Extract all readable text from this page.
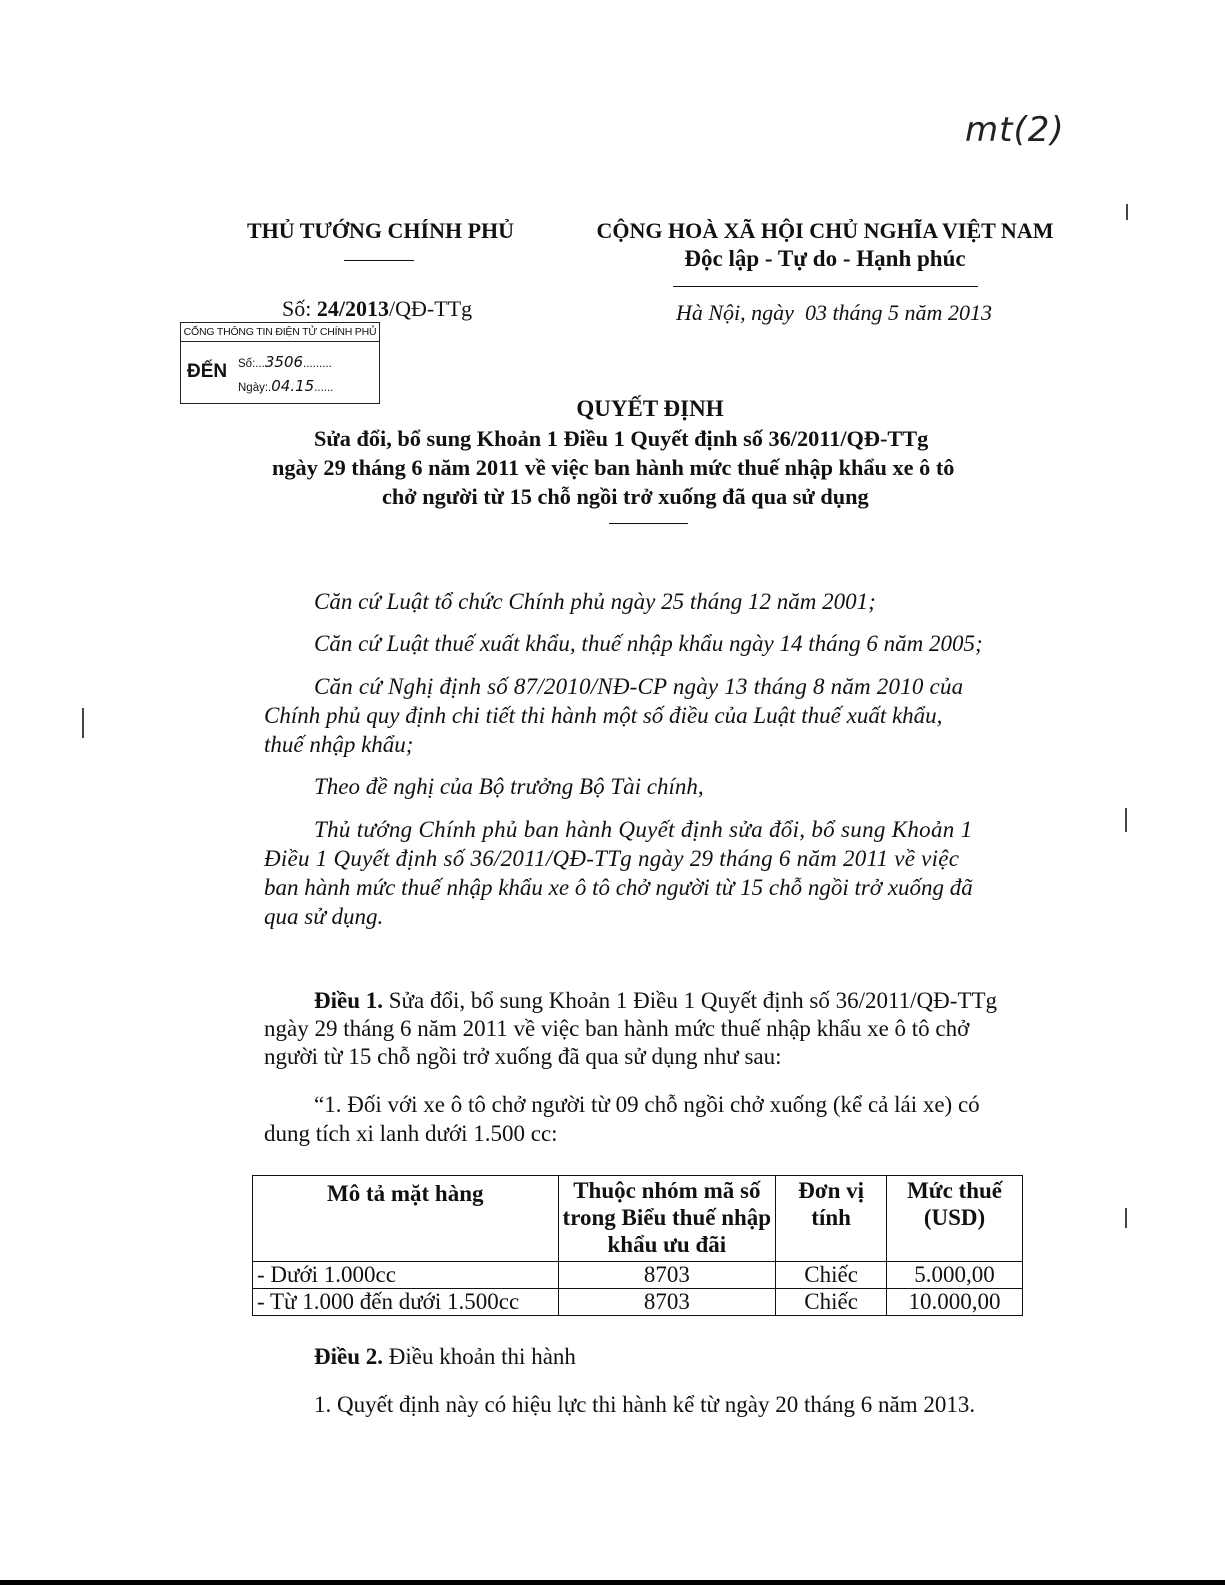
mt(2)
THỦ TƯỚNG CHÍNH PHỦ	CỘNG HOÀ XÃ HỘI CHỦ NGHĨA VIỆT NAM
Độc lập - Tự do - Hạnh phúc
Số: 24/2013/QĐ-TTg	Hà Nội, ngày  03 tháng 5 năm 2013
CỔNG THÔNG TIN ĐIỆN TỬ CHÍNH PHỦ
ĐẾN Số:...3506.........
Ngày:.04.15......
QUYẾT ĐỊNH
Sửa đổi, bổ sung Khoản 1 Điều 1 Quyết định số 36/2011/QĐ-TTg
ngày 29 tháng 6 năm 2011 về việc ban hành mức thuế nhập khẩu xe ô tô
chở người từ 15 chỗ ngồi trở xuống đã qua sử dụng
Căn cứ Luật tổ chức Chính phủ ngày 25 tháng 12 năm 2001;
Căn cứ Luật thuế xuất khẩu, thuế nhập khẩu ngày 14 tháng 6 năm 2005;
Căn cứ Nghị định số 87/2010/NĐ-CP ngày 13 tháng 8 năm 2010 của
Chính phủ quy định chi tiết thi hành một số điều của Luật thuế xuất khẩu,
thuế nhập khẩu;
Theo đề nghị của Bộ trưởng Bộ Tài chính,
Thủ tướng Chính phủ ban hành Quyết định sửa đổi, bổ sung Khoản 1
Điều 1 Quyết định số 36/2011/QĐ-TTg ngày 29 tháng 6 năm 2011 về việc
ban hành mức thuế nhập khẩu xe ô tô chở người từ 15 chỗ ngồi trở xuống đã
qua sử dụng.
Điều 1. Sửa đổi, bổ sung Khoản 1 Điều 1 Quyết định số 36/2011/QĐ-TTg
ngày 29 tháng 6 năm 2011 về việc ban hành mức thuế nhập khẩu xe ô tô chở
người từ 15 chỗ ngồi trở xuống đã qua sử dụng như sau:
“1. Đối với xe ô tô chở người từ 09 chỗ ngồi chở xuống (kể cả lái xe) có
dung tích xi lanh dưới 1.500 cc:
Mô tả mặt hàng	Thuộc nhóm mã số trong Biểu thuế nhập khẩu ưu đãi	Đơn vị tính	Mức thuế (USD)
- Dưới 1.000cc	8703	Chiếc	5.000,00
- Từ 1.000 đến dưới 1.500cc	8703	Chiếc	10.000,00
Điều 2. Điều khoản thi hành
1. Quyết định này có hiệu lực thi hành kể từ ngày 20 tháng 6 năm 2013.
